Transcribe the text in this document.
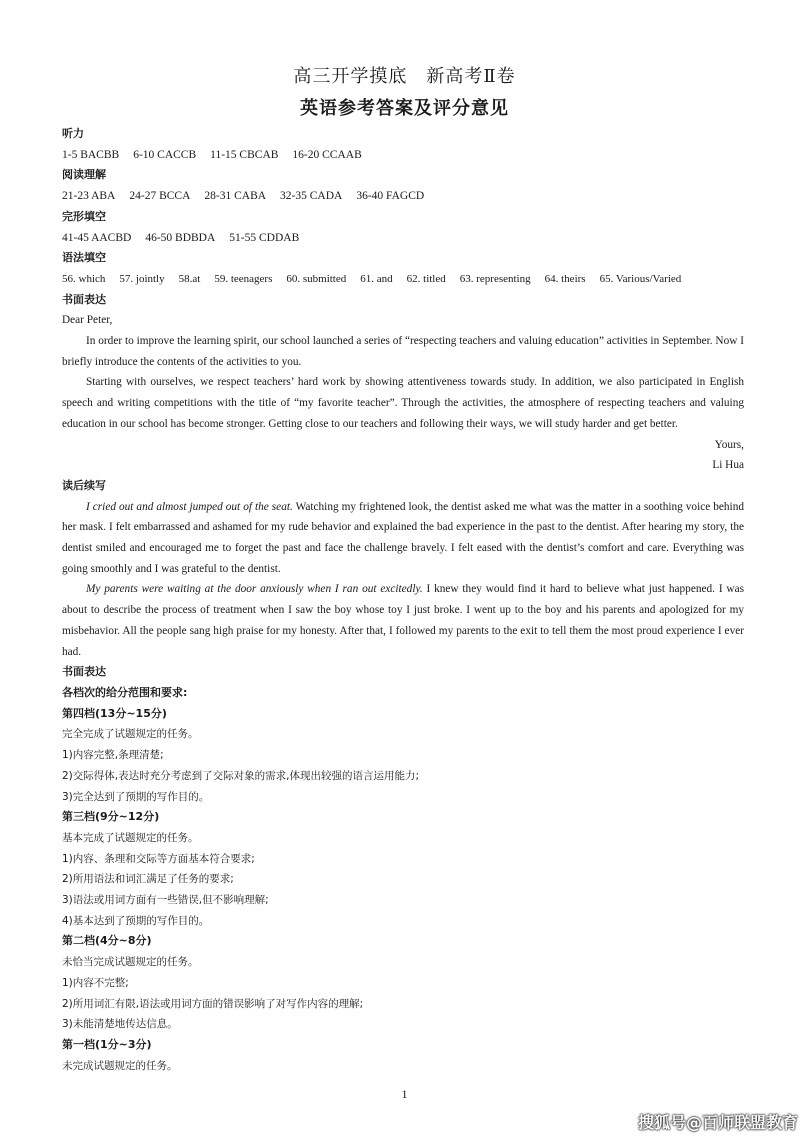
高三开学摸底　新高考Ⅱ卷
英语参考答案及评分意见
听力
1-5 BACBB 6-10 CACCB 11-15 CBCAB 16-20 CCAAB
阅读理解
21-23 ABA 24-27 BCCA 28-31 CABA 32-35 CADA 36-40 FAGCD
完形填空
41-45 AACBD 46-50 BDBDA 51-55 CDDAB
语法填空
56. which 57. jointly 58.at 59. teenagers 60. submitted 61. and 62. titled 63. representing 64. theirs 65. Various/Varied
书面表达
Dear Peter,
In order to improve the learning spirit, our school launched a series of “respecting teachers and valuing education” activities in September. Now I briefly introduce the contents of the activities to you.
Starting with ourselves, we respect teachers’ hard work by showing attentiveness towards study. In addition, we also participated in English speech and writing competitions with the title of “my favorite teacher”. Through the activities, the atmosphere of respecting teachers and valuing education in our school has become stronger. Getting close to our teachers and following their ways, we will study harder and get better.
Yours,
Li Hua
读后续写
I cried out and almost jumped out of the seat. Watching my frightened look, the dentist asked me what was the matter in a soothing voice behind her mask. I felt embarrassed and ashamed for my rude behavior and explained the bad experience in the past to the dentist. After hearing my story, the dentist smiled and encouraged me to forget the past and face the challenge bravely. I felt eased with the dentist’s comfort and care. Everything was going smoothly and I was grateful to the dentist.
My parents were waiting at the door anxiously when I ran out excitedly. I knew they would find it hard to believe what just happened. I was about to describe the process of treatment when I saw the boy whose toy I just broke. I went up to the boy and his parents and apologized for my misbehavior. All the people sang high praise for my honesty. After that, I followed my parents to the exit to tell them the most proud experience I ever had.
书面表达
各档次的给分范围和要求:
第四档(13分~15分)
完全完成了试题规定的任务。
1)内容完整,条理清楚;
2)交际得体,表达时充分考虑到了交际对象的需求,体现出较强的语言运用能力;
3)完全达到了预期的写作目的。
第三档(9分~12分)
基本完成了试题规定的任务。
1)内容、条理和交际等方面基本符合要求;
2)所用语法和词汇满足了任务的要求;
3)语法或用词方面有一些错误,但不影响理解;
4)基本达到了预期的写作目的。
第二档(4分~8分)
未恰当完成试题规定的任务。
1)内容不完整;
2)所用词汇有限,语法或用词方面的错误影响了对写作内容的理解;
3)未能清楚地传达信息。
第一档(1分~3分)
未完成试题规定的任务。
1
搜狐号@百师联盟教育
